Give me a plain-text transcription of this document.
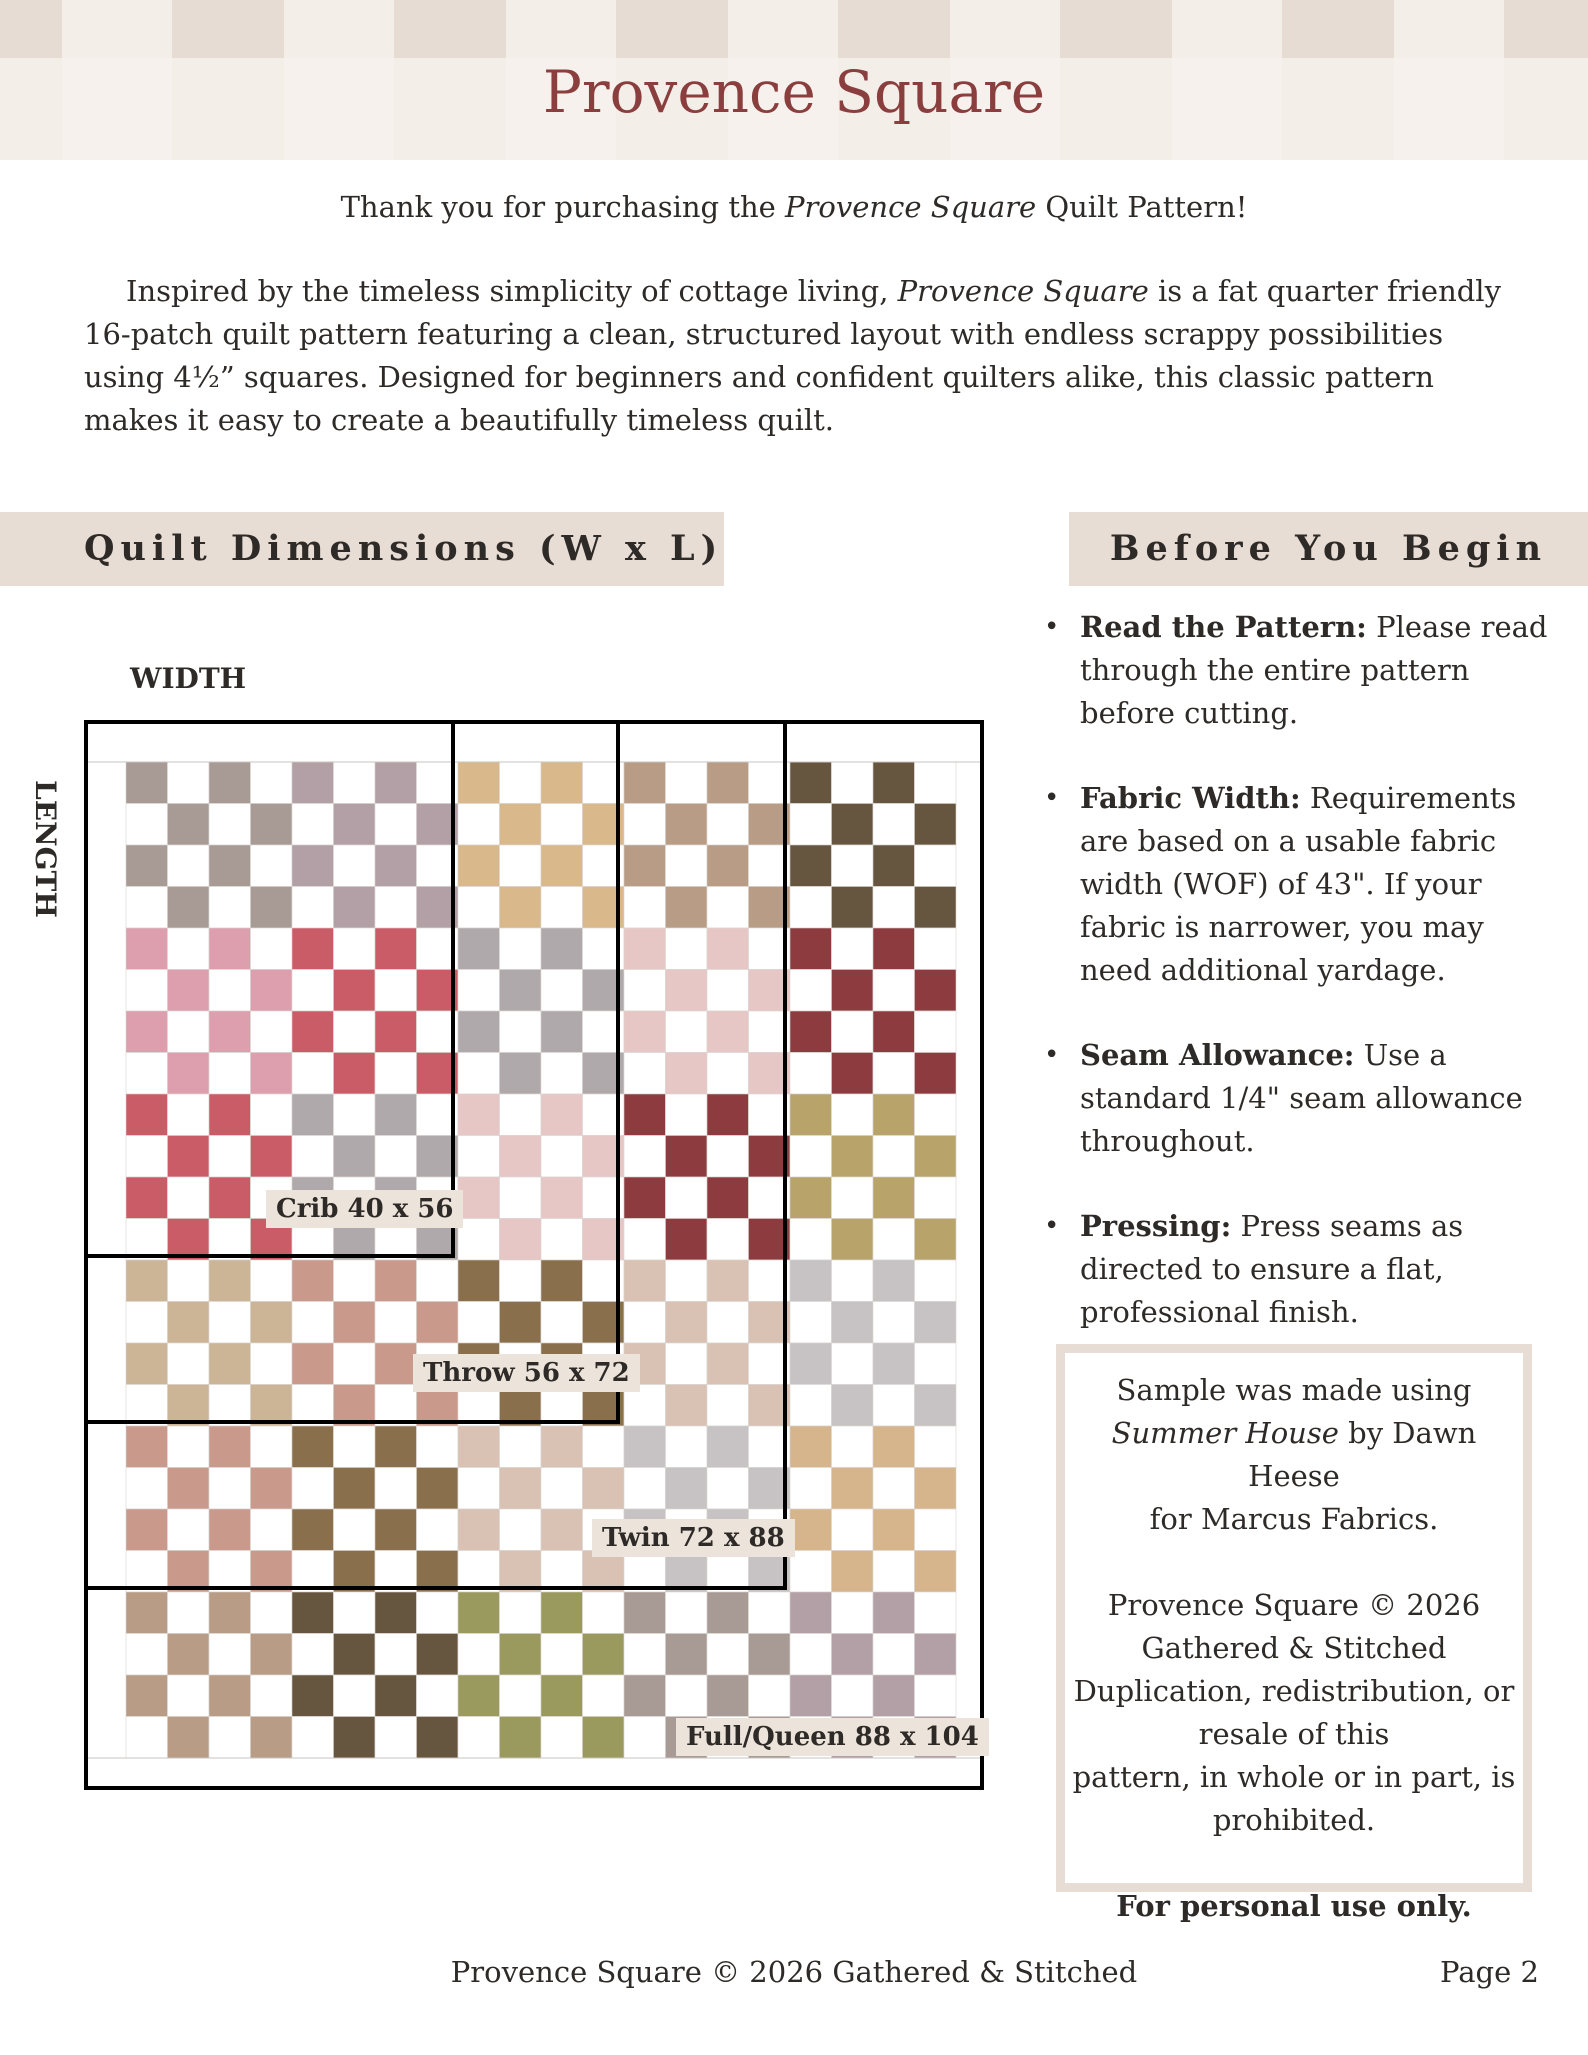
Provence Square

Thank you for purchasing the Provence Square Quilt Pattern!

Inspired by the timeless simplicity of cottage living, Provence Square is a fat quarter friendly 16-patch quilt pattern featuring a clean, structured layout with endless scrappy possibilities using 4½” squares. Designed for beginners and confident quilters alike, this classic pattern makes it easy to create a beautifully timeless quilt.

Quilt Dimensions (W x L)	Before You Begin
WIDTH
LENGTH
Crib 40 x 56
Throw 56 x 72
Twin 72 x 88
Full/Queen 88 x 104
• Read the Pattern: Please read through the entire pattern before cutting.
• Fabric Width: Requirements are based on a usable fabric width (WOF) of 43". If your fabric is narrower, you may need additional yardage.
• Seam Allowance: Use a standard 1/4" seam allowance throughout.
• Pressing: Press seams as directed to ensure a flat, professional finish.

Sample was made using

Summer House by Dawn Heese

for Marcus Fabrics.

Provence Square © 2026

Gathered & Stitched

Duplication, redistribution, or resale of this

pattern, in whole or in part, is prohibited.

For personal use only.

Provence Square © 2026 Gathered & Stitched	Page 2
